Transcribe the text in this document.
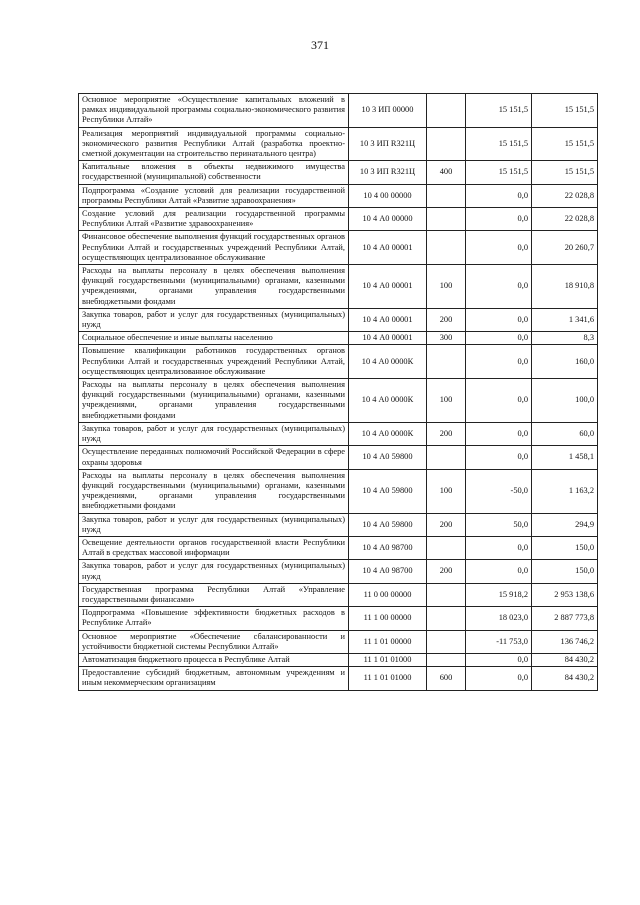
371
Основное мероприятие «Осуществление капитальных вложений в рамках индивидуальной программы социально-экономического развития Республики Алтай»	10 3 ИП 00000		15 151,5	15 151,5
Реализация мероприятий индивидуальной программы социально-экономического развития Республики Алтай (разработка проектно-сметной документации на строительство перинатального центра)	10 3 ИП R321Ц		15 151,5	15 151,5
Капитальные вложения в объекты недвижимого имущества государственной (муниципальной) собственности	10 3 ИП R321Ц	400	15 151,5	15 151,5
Подпрограмма «Создание условий для реализации государственной программы Республики Алтай «Развитие здравоохранения»	10 4 00 00000		0,0	22 028,8
Создание условий для реализации государственной программы Республики Алтай «Развитие здравоохранения»	10 4 А0 00000		0,0	22 028,8
Финансовое обеспечение выполнения функций государственных органов Республики Алтай и государственных учреждений Республики Алтай, осуществляющих централизованное обслуживание	10 4 А0 00001		0,0	20 260,7
Расходы на выплаты персоналу в целях обеспечения выполнения функций государственными (муниципальными) органами, казенными учреждениями, органами управления государственными внебюджетными фондами	10 4 А0 00001	100	0,0	18 910,8
Закупка товаров, работ и услуг для государственных (муниципальных) нужд	10 4 А0 00001	200	0,0	1 341,6
Социальное обеспечение и иные выплаты населению	10 4 А0 00001	300	0,0	8,3
Повышение квалификации работников государственных органов Республики Алтай и государственных учреждений Республики Алтай, осуществляющих централизованное обслуживание	10 4 А0 0000К		0,0	160,0
Расходы на выплаты персоналу в целях обеспечения выполнения функций государственными (муниципальными) органами, казенными учреждениями, органами управления государственными внебюджетными фондами	10 4 А0 0000К	100	0,0	100,0
Закупка товаров, работ и услуг для государственных (муниципальных) нужд	10 4 А0 0000К	200	0,0	60,0
Осуществление переданных полномочий Российской Федерации в сфере охраны здоровья	10 4 А0 59800		0,0	1 458,1
Расходы на выплаты персоналу в целях обеспечения выполнения функций государственными (муниципальными) органами, казенными учреждениями, органами управления государственными внебюджетными фондами	10 4 А0 59800	100	-50,0	1 163,2
Закупка товаров, работ и услуг для государственных (муниципальных) нужд	10 4 А0 59800	200	50,0	294,9
Освещение деятельности органов государственной власти Республики Алтай в средствах массовой информации	10 4 А0 98700		0,0	150,0
Закупка товаров, работ и услуг для государственных (муниципальных) нужд	10 4 А0 98700	200	0,0	150,0
Государственная программа Республики Алтай «Управление государственными финансами»	11 0 00 00000		15 918,2	2 953 138,6
Подпрограмма «Повышение эффективности бюджетных расходов в Республике Алтай»	11 1 00 00000		18 023,0	2 887 773,8
Основное мероприятие «Обеспечение сбалансированности и устойчивости бюджетной системы Республики Алтай»	11 1 01 00000		-11 753,0	136 746,2
Автоматизация бюджетного процесса в Республике Алтай	11 1 01 01000		0,0	84 430,2
Предоставление субсидий бюджетным, автономным учреждениям и иным некоммерческим организациям	11 1 01 01000	600	0,0	84 430,2
